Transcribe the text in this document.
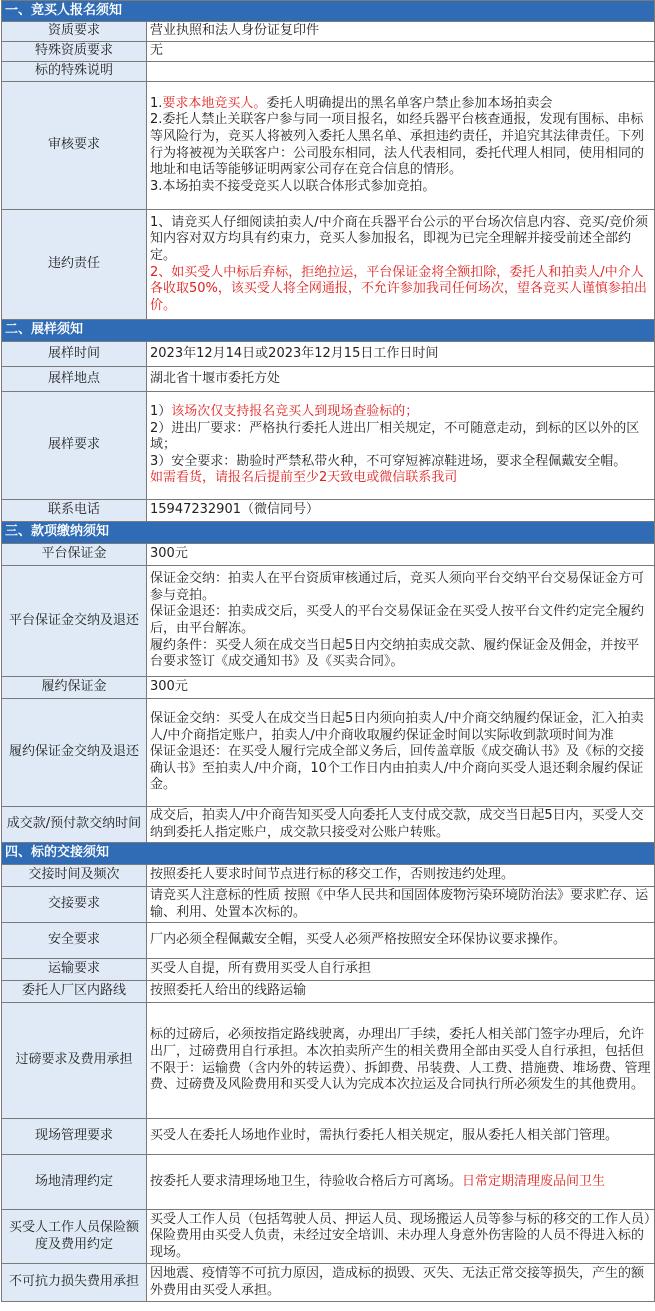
一、竞买人报名须知	
资质要求	营业执照和法人身份证复印件
特殊资质要求	无
标的特殊说明	
审核要求	1.要求本地竞买人。委托人明确提出的黑名单客户禁止参加本场拍卖会
2.委托人禁止关联客户参与同一项目报名，如经兵器平台核查通报，发现有围标、串标等风险行为，竞买人将被列入委托人黑名单、承担违约责任，并追究其法律责任。下列行为将被视为关联客户：公司股东相同，法人代表相同，委托代理人相同，使用相同的地址和电话等能够证明两家公司存在竞合信息的情形。
3.本场拍卖不接受竞买人以联合体形式参加竞拍。

违约责任	1、请竞买人仔细阅读拍卖人/中介商在兵器平台公示的平台场次信息内容、竞买/竞价须知内容对双方均具有约束力，竞买人参加报名，即视为已完全理解并接受前述全部约定。
2、如买受人中标后弃标，拒绝拉运，平台保证金将全额扣除，委托人和拍卖人/中介人各收取50%，该买受人将全网通报，不允许参加我司任何场次，望各竞买人谨慎参拍出价。

二、展样须知	
展样时间	2023年12月14日或2023年12月15日工作日时间
展样地点	湖北省十堰市委托方处
展样要求	1）该场次仅支持报名竞买人到现场查验标的；
2）进出厂要求：严格执行委托人进出厂相关规定，不可随意走动，到标的区以外的区域；
3）安全要求：勘验时严禁私带火种，不可穿短裤凉鞋进场，要求全程佩戴安全帽。
如需看货，请报名后提前至少2天致电或微信联系我司

联系电话	15947232901（微信同号）
三、款项缴纳须知	
平台保证金	300元
平台保证金交纳及退还	保证金交纳：拍卖人在平台资质审核通过后，竞买人须向平台交纳平台交易保证金方可参与竞拍。
保证金退还：拍卖成交后，买受人的平台交易保证金在买受人按平台文件约定完全履约后，由平台解冻。
履约条件：买受人须在成交当日起5日内交纳拍卖成交款、履约保证金及佣金，并按平台要求签订《成交通知书》及《买卖合同》。

履约保证金	300元
履约保证金交纳及退还	保证金交纳：买受人在成交当日起5日内须向拍卖人/中介商交纳履约保证金，汇入拍卖人/中介商指定账户，拍卖人/中介商收取履约保证金时间以实际收到款项时间为准
保证金退还：在买受人履行完成全部义务后，回传盖章版《成交确认书》及《标的交接确认书》至拍卖人/中介商，10个工作日内由拍卖人/中介商向买受人退还剩余履约保证金。

成交款/预付款交纳时间	成交后，拍卖人/中介商告知买受人向委托人支付成交款，成交当日起5日内，买受人交纳到委托人指定账户，成交款只接受对公账户转账。
四、标的交接须知	
交接时间及频次	按照委托人要求时间节点进行标的移交工作，否则按违约处理。
交接要求	请竞买人注意标的性质 按照《中华人民共和国固体废物污染环境防治法》要求贮存、运输、利用、处置本次标的。
安全要求	厂内必须全程佩戴安全帽，买受人必须严格按照安全环保协议要求操作。
运输要求	买受人自提，所有费用买受人自行承担
委托人厂区内路线	按照委托人给出的线路运输
过磅要求及费用承担	标的过磅后，必须按指定路线驶离，办理出厂手续，委托人相关部门签字办理后，允许出厂，过磅费用自行承担。本次拍卖所产生的相关费用全部由买受人自行承担，包括但不限于：运输费（含内外的转运费）、拆卸费、吊装费、人工费、措施费、堆场费、管理费、过磅费及风险费用和买受人认为完成本次拉运及合同执行所必须发生的其他费用。
现场管理要求	买受人在委托人场地作业时，需执行委托人相关规定，服从委托人相关部门管理。
场地清理约定	按委托人要求清理场地卫生，待验收合格后方可离场。日常定期清理废品间卫生
买受人工作人员保险额度及费用约定	买受人工作人员（包括驾驶人员、押运人员、现场搬运人员等参与标的移交的工作人员）保险费用由买受人负责，未经过安全培训、未办理人身意外伤害险的人员不得进入标的现场。
不可抗力损失费用承担	因地震、疫情等不可抗力原因，造成标的损毁、灭失、无法正常交接等损失，产生的额外费用由买受人承担。
